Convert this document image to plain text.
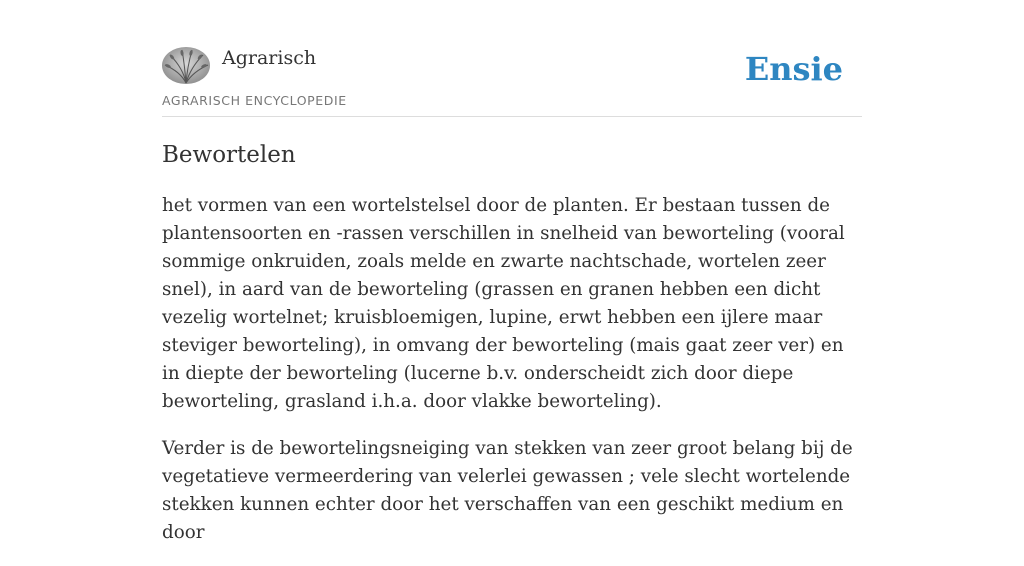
Agrarisch
AGRARISCH ENCYCLOPEDIE
Ensie
Bewortelen

het vormen van een wortelstelsel door de planten. Er bestaan tussen de plantensoorten en -rassen verschillen in snelheid van beworteling (vooral sommige onkruiden, zoals melde en zwarte nachtschade, wortelen zeer snel), in aard van de beworteling (grassen en granen hebben een dicht vezelig wortelnet; kruisbloemigen, lupine, erwt hebben een ijlere maar steviger beworteling), in omvang der beworteling (mais gaat zeer ver) en in diepte der beworteling (lucerne b.v. onderscheidt zich door diepe beworteling, grasland i.h.a. door vlakke beworteling).

Verder is de bewortelingsneiging van stekken van zeer groot belang bij de vegetatieve vermeerdering van velerlei gewassen ; vele slecht wortelende stekken kunnen echter door het verschaffen van een geschikt medium en door
